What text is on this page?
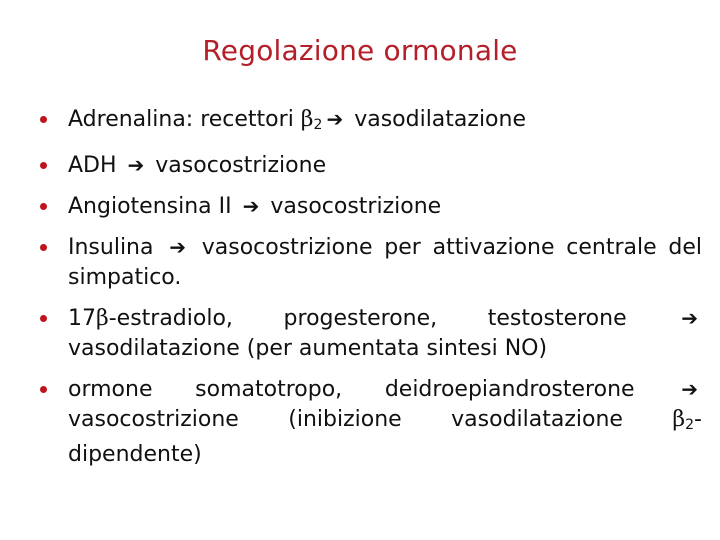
Regolazione ormonale
Adrenalina: recettori $\beta_2$ ➔ vasodilatazione
ADH ➔ vasocostrizione
Angiotensina II ➔ vasocostrizione
Insulina ➔ vasocostrizione per attivazione centrale del simpatico.
17β-estradiolo, progesterone, testosterone ➔ vasodilatazione (per aumentata sintesi NO)
ormone somatotropo, deidroepiandrosterone ➔ vasocostrizione (inibizione vasodilatazione $\beta_2-dipendente$)
